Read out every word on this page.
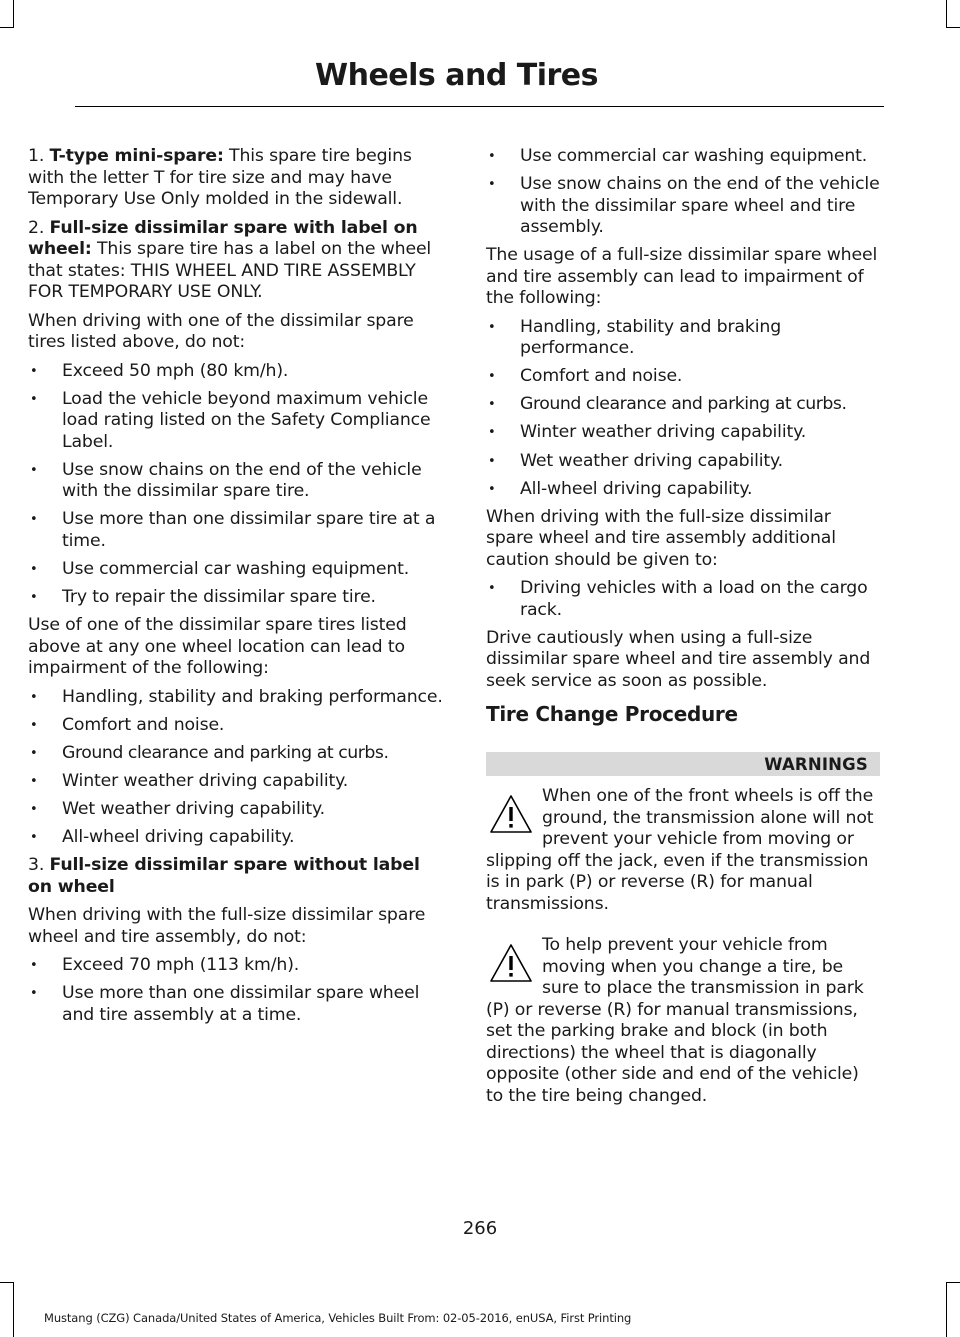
Wheels and Tires

1. T-type mini-spare: This spare tire begins with the letter T for tire size and may have Temporary Use Only molded in the sidewall.

2. Full-size dissimilar spare with label on wheel: This spare tire has a label on the wheel that states: THIS WHEEL AND TIRE ASSEMBLY FOR TEMPORARY USE ONLY.

When driving with one of the dissimilar spare tires listed above, do not:

• Exceed 50 mph (80 km/h).
• Load the vehicle beyond maximum vehicle load rating listed on the Safety Compliance Label.
• Use snow chains on the end of the vehicle with the dissimilar spare tire.
• Use more than one dissimilar spare tire at a time.
• Use commercial car washing equipment.
• Try to repair the dissimilar spare tire.

Use of one of the dissimilar spare tires listed above at any one wheel location can lead to impairment of the following:

• Handling, stability and braking performance.
• Comfort and noise.
• Ground clearance and parking at curbs.
• Winter weather driving capability.
• Wet weather driving capability.
• All-wheel driving capability.

3. Full-size dissimilar spare without label on wheel

When driving with the full-size dissimilar spare wheel and tire assembly, do not:

• Exceed 70 mph (113 km/h).
• Use more than one dissimilar spare wheel and tire assembly at a time.
• Use commercial car washing equipment.
• Use snow chains on the end of the vehicle with the dissimilar spare wheel and tire assembly.

The usage of a full-size dissimilar spare wheel and tire assembly can lead to impairment of the following:

• Handling, stability and braking performance.
• Comfort and noise.
• Ground clearance and parking at curbs.
• Winter weather driving capability.
• Wet weather driving capability.
• All-wheel driving capability.

When driving with the full-size dissimilar spare wheel and tire assembly additional caution should be given to:

• Driving vehicles with a load on the cargo rack.

Drive cautiously when using a full-size dissimilar spare wheel and tire assembly and seek service as soon as possible.

Tire Change Procedure
WARNINGS
When one of the front wheels is off the ground, the transmission alone will not prevent your vehicle from moving or slipping off the jack, even if the transmission is in park (P) or reverse (R) for manual transmissions.
To help prevent your vehicle from moving when you change a tire, be sure to place the transmission in park (P) or reverse (R) for manual transmissions, set the parking brake and block (in both directions) the wheel that is diagonally opposite (other side and end of the vehicle) to the tire being changed.
266
Mustang (CZG) Canada/United States of America, Vehicles Built From: 02-05-2016, enUSA, First Printing
